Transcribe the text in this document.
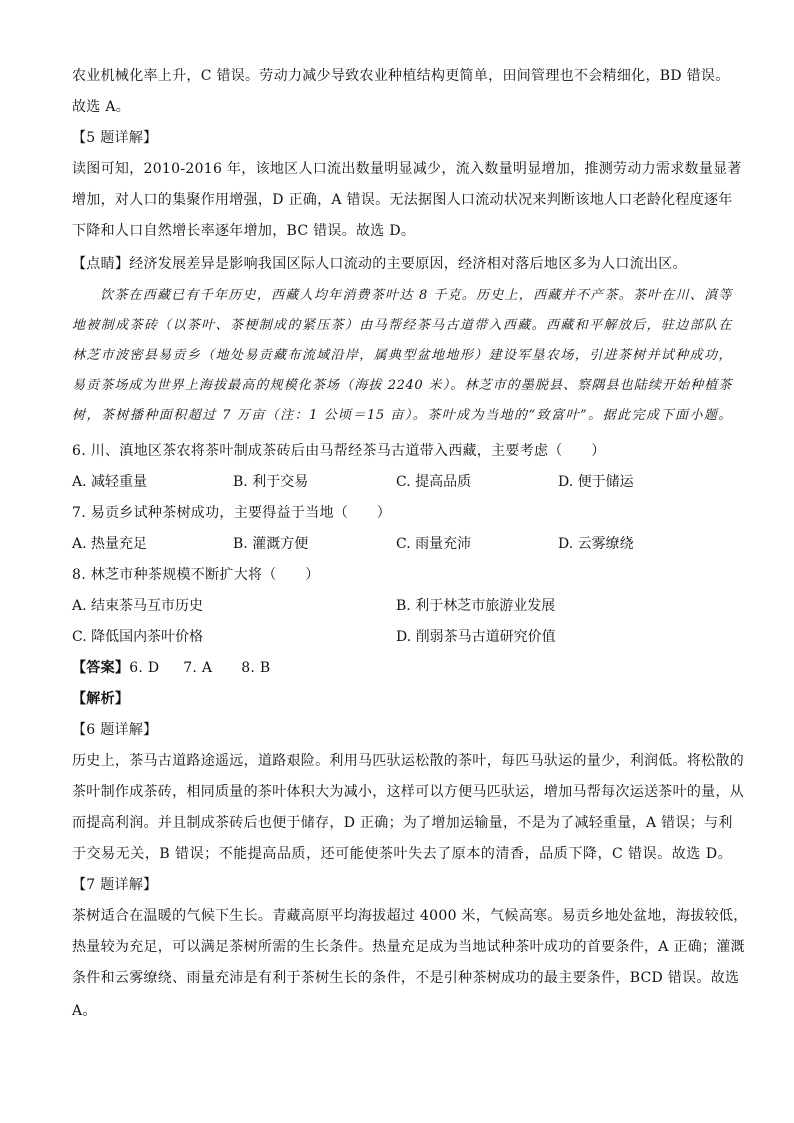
农业机械化率上升，C 错误。劳动力减少导致农业种植结构更简单，田间管理也不会精细化，BD 错误。
故选 A。
【5 题详解】
读图可知，2010-2016 年，该地区人口流出数量明显减少，流入数量明显增加，推测劳动力需求数量显著
增加，对人口的集聚作用增强，D 正确，A 错误。无法据图人口流动状况来判断该地人口老龄化程度逐年
下降和人口自然增长率逐年增加，BC 错误。故选 D。
【点睛】经济发展差异是影响我国区际人口流动的主要原因，经济相对落后地区多为人口流出区。
饮茶在西藏已有千年历史，西藏人均年消费茶叶达 8 千克。历史上，西藏并不产茶。茶叶在川、滇等
地被制成茶砖（以茶叶、茶梗制成的紧压茶）由马帮经茶马古道带入西藏。西藏和平解放后，驻边部队在
林芝市波密县易贡乡（地处易贡藏布流域沿岸，属典型盆地地形）建设军垦农场，引进茶树并试种成功，
易贡茶场成为世界上海拔最高的规模化茶场（海拔 2240 米）。林芝市的墨脱县、察隅县也陆续开始种植茶
树，茶树播种面积超过 7 万亩（注：1 公顷＝15 亩）。茶叶成为当地的“致富叶”。据此完成下面小题。
6. 川、滇地区茶农将茶叶制成茶砖后由马帮经茶马古道带入西藏，主要考虑（　　）
A. 减轻重量	B. 利于交易	C. 提高品质	D. 便于储运
7. 易贡乡试种茶树成功，主要得益于当地（　　）
A. 热量充足	B. 灌溉方便	C. 雨量充沛	D. 云雾缭绕
8. 林芝市种茶规模不断扩大将（　　）
A. 结束茶马互市历史	B. 利于林芝市旅游业发展
C. 降低国内茶叶价格	D. 削弱茶马古道研究价值
【答案】6. D 7. A 8. B
【解析】
【6 题详解】
历史上，茶马古道路途遥远，道路艰险。利用马匹驮运松散的茶叶，每匹马驮运的量少，利润低。将松散的
茶叶制作成茶砖，相同质量的茶叶体积大为减小，这样可以方便马匹驮运，增加马帮每次运送茶叶的量，从
而提高利润。并且制成茶砖后也便于储存，D 正确；为了增加运输量，不是为了减轻重量，A 错误；与利
于交易无关，B 错误；不能提高品质，还可能使茶叶失去了原本的清香，品质下降，C 错误。故选 D。
【7 题详解】
茶树适合在温暖的气候下生长。青藏高原平均海拔超过 4000 米，气候高寒。易贡乡地处盆地，海拔较低，
热量较为充足，可以满足茶树所需的生长条件。热量充足成为当地试种茶叶成功的首要条件，A 正确；灌溉
条件和云雾缭绕、雨量充沛是有利于茶树生长的条件，不是引种茶树成功的最主要条件，BCD 错误。故选
A。
